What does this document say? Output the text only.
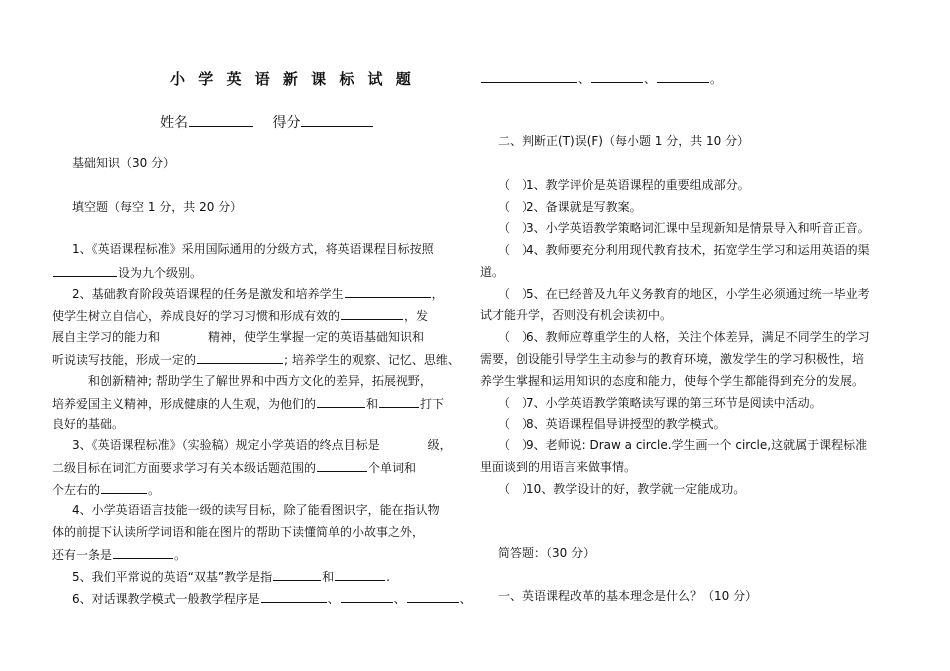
小 学 英 语 新 课 标 试 题
姓名	得分
基础知识（30 分）
填空题（每空 1 分，共 20 分）
1、《英语课程标准》采用国际通用的分级方式，将英语课程目标按照
设为九个级别。
2、基础教育阶段英语课程的任务是激发和培养学生	，
使学生树立自信心，养成良好的学习习惯和形成有效的	，发
展自主学习的能力和　　　　精神，使学生掌握一定的英语基础知识和
听说读写技能，形成一定的	; 培养学生的观察、记忆、思维、
　　　和创新精神; 帮助学生了解世界和中西方文化的差异，拓展视野，
培养爱国主义精神，形成健康的人生观，为他们的	和	打下
良好的基础。
3、《英语课程标准》（实验稿）规定小学英语的终点目标是	级，
二级目标在词汇方面要求学习有关本级话题范围的	个单词和
个左右的	。
4、小学英语语言技能一级的读写目标，除了能看图识字，能在指认物
体的前提下认读所学词语和能在图片的帮助下读懂简单的小故事之外，
还有一条是	。
5、我们平常说的英语“双基”教学是指	和	.
6、对话课教学模式一般教学程序是	、	、	、
、	、	。
二、判断正(T)误(F)（每小题 1 分，共 10 分）
（　）1、教学评价是英语课程的重要组成部分。
（　）2、备课就是写教案。
（　）3、小学英语教学策略词汇课中呈现新知是情景导入和听音正音。
（　）4、教师要充分利用现代教育技术，拓宽学生学习和运用英语的渠
道。
（　）5、在已经普及九年义务教育的地区，小学生必须通过统一毕业考
试才能升学，否则没有机会读初中。
（　）6、教师应尊重学生的人格，关注个体差异，满足不同学生的学习
需要，创设能引导学生主动参与的教育环境，激发学生的学习积极性，培
养学生掌握和运用知识的态度和能力，使每个学生都能得到充分的发展。
（　）7、小学英语教学策略读写课的第三环节是阅读中活动。
（　）8、英语课程倡导讲授型的教学模式。
（　）9、老师说: Draw a circle.学生画一个 circle,这就属于课程标准
里面谈到的用语言来做事情。
（　）10、教学设计的好，教学就一定能成功。
简答题：（30 分）
一、英语课程改革的基本理念是什么？（10 分）
